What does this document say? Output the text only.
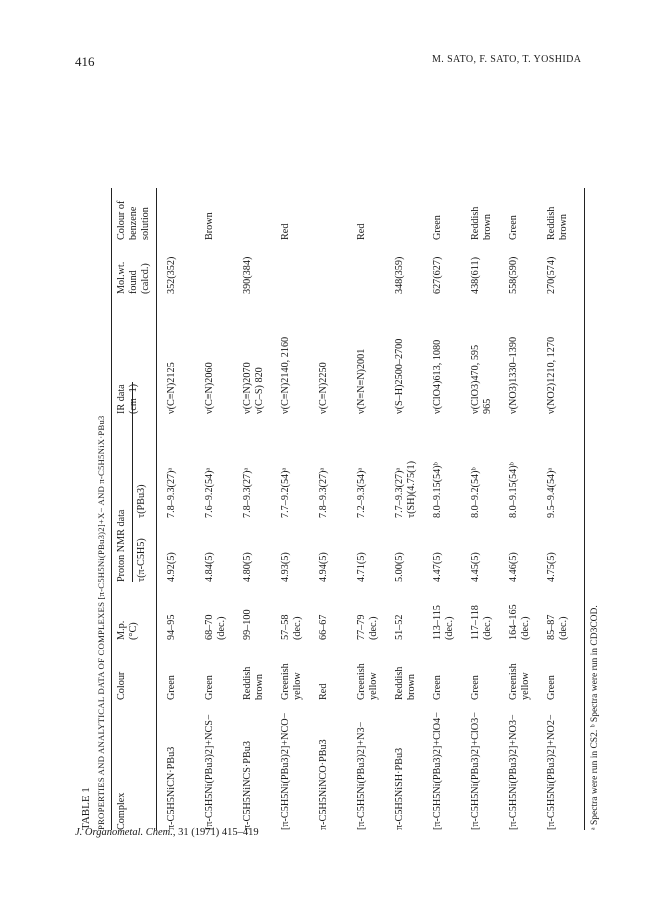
416	M. SATO, F. SATO, T. YOSHIDA
J. Organometal. Chem., 31 (1971) 415–419
TABLE 1 PROPERTIES AND ANALYTICAL DATA OF COMPLEXES [π-C5H5Ni(PBu3)2]+X− AND π-C5H5NiX·PBu3 Complex
Colour
M.p. (°C)
Proton NMR data τ(π-C5H5)
τ(PBu3)
IR data (cm−1)
Mol.wt. found (calcd.)
Colour of benzene solution
π-C5H5NiCN·PBu3
Green
94–95
4.92(5)
7.8–9.3(27)ᵃ
ν(C≡N)2125
352(352)
[π-C5H5Ni(PBu3)2]+NCS−
Green
68–70 (dec.)
4.84(5)
7.6–9.2(54)ᵃ
ν(C≡N)2060
Brown
π-C5H5NiNCS·PBu3
Reddish brown
99–100
4.80(5)
7.8–9.3(27)ᵃ
ν(C≡N)2070 ν(C–S) 820
390(384)
[π-C5H5Ni(PBu3)2]+NCO−
Greenish yellow
57–58 (dec.)
4.93(5)
7.7–9.2(54)ᵃ
ν(C≡N)2140, 2160
Red
π-C5H5NiNCO·PBu3
Red
66–67
4.94(5)
7.8–9.3(27)ᵃ
ν(C≡N)2250
[π-C5H5Ni(PBu3)2]+N3−
Greenish yellow
77–79 (dec.)
4.71(5)
7.2–9.3(54)ᵃ
ν(N≡N≡N)2001
Red
π-C5H5NiSH·PBu3
Reddish brown
51–52
5.00(5)
7.7–9.3(27)ᵃ τ(SH)(4.75(1)
ν(S–H)2500–2700
348(359)
[π-C5H5Ni(PBu3)2]+ClO4−
Green
113–115 (dec.)
4.47(5)
8.0–9.15(54)ᵇ
ν(ClO4)613, 1080
627(627)
Green
[π-C5H5Ni(PBu3)2]+ClO3−
Green
117–118 (dec.)
4.45(5)
8.0–9.2(54)ᵇ
ν(ClO3)470, 595 965
438(611)
Reddish brown
[π-C5H5Ni(PBu3)2]+NO3−
Greenish yellow
164–165 (dec.)
4.46(5)
8.0–9.15(54)ᵇ
ν(NO3)1330–1390
558(590)
Green
[π-C5H5Ni(PBu3)2]+NO2−
Green
85–87 (dec.)
4.75(5)
9.5–9.4(54)ᵃ
ν(NO2)1210, 1270
270(574)
Reddish brown
ᵃ Spectra were run in CS2. ᵇ Spectra were run in CD3COD.
